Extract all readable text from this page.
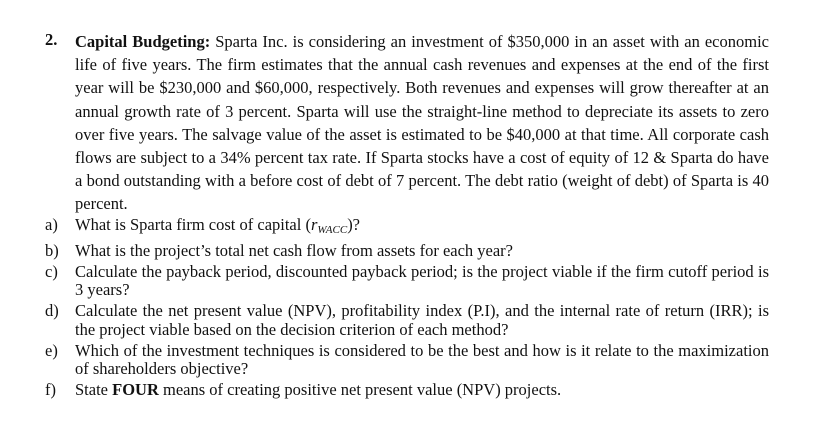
2. Capital Budgeting: Sparta Inc. is considering an investment of $350,000 in an asset with an economic life of five years. The firm estimates that the annual cash revenues and expenses at the end of the first year will be $230,000 and $60,000, respectively. Both revenues and expenses will grow thereafter at an annual growth rate of 3 percent. Sparta will use the straight-line method to depreciate its assets to zero over five years. The salvage value of the asset is estimated to be $40,000 at that time. All corporate cash flows are subject to a 34% percent tax rate. If Sparta stocks have a cost of equity of 12 & Sparta do have a bond outstanding with a before cost of debt of 7 percent. The debt ratio (weight of debt) of Sparta is 40 percent.
a) What is Sparta firm cost of capital $(r_{WACC})$?
b) What is the project’s total net cash flow from assets for each year?
c) Calculate the payback period, discounted payback period; is the project viable if the firm cutoff period is 3 years?
d) Calculate the net present value (NPV), profitability index (P.I), and the internal rate of return (IRR); is the project viable based on the decision criterion of each method?
e) Which of the investment techniques is considered to be the best and how is it relate to the maximization of shareholders objective?
f) State FOUR means of creating positive net present value (NPV) projects.
